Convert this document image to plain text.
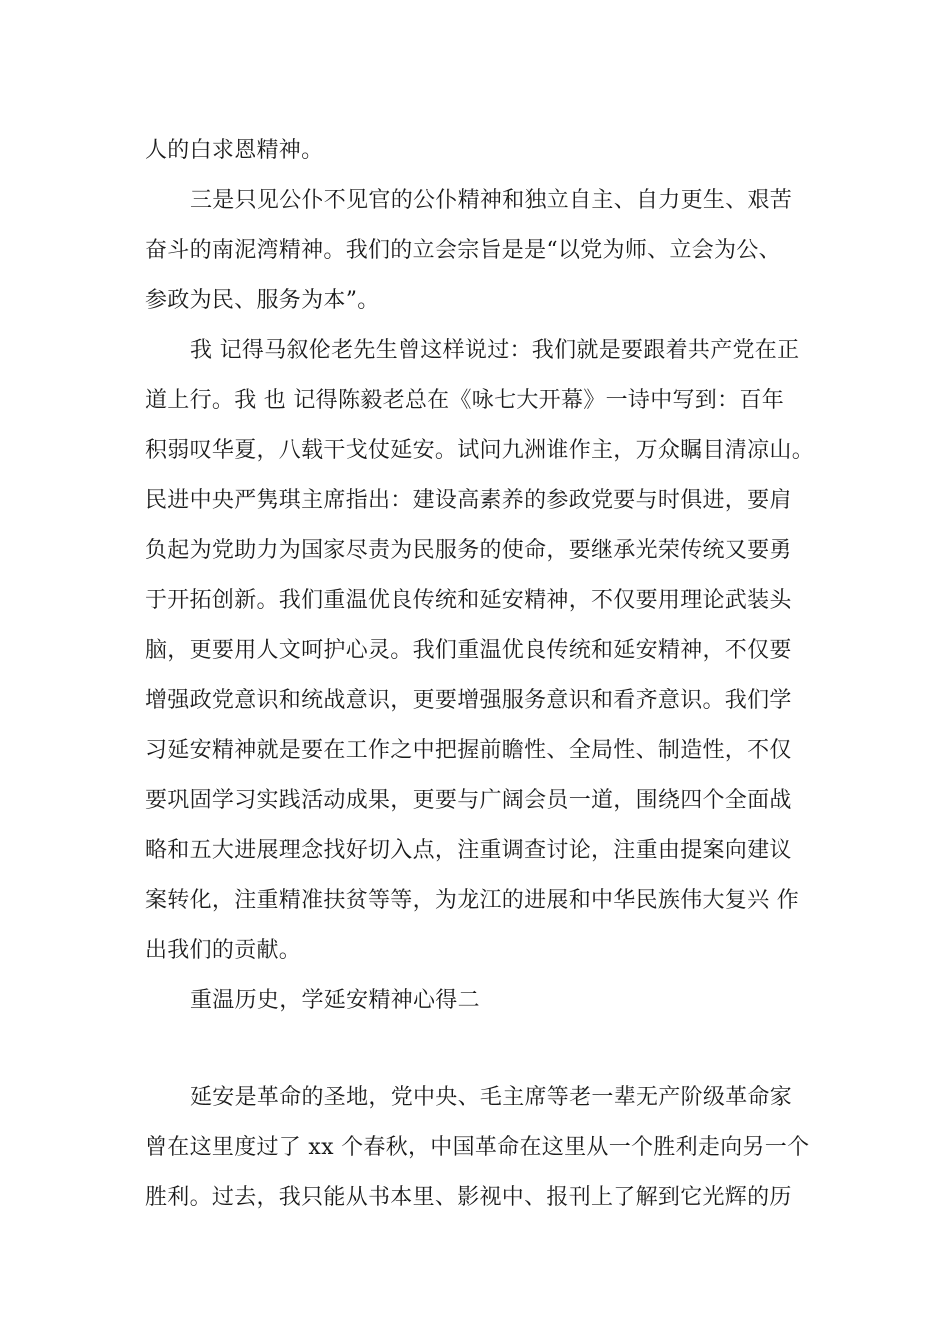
人的白求恩精神。
三是只见公仆不见官的公仆精神和独立自主、自力更生、艰苦
奋斗的南泥湾精神。我们的立会宗旨是是“以党为师、立会为公、
参政为民、服务为本”。
我 记得马叙伦老先生曾这样说过：我们就是要跟着共产党在正
道上行。我 也 记得陈毅老总在《咏七大开幕》一诗中写到：百年
积弱叹华夏，八载干戈仗延安。试问九洲谁作主，万众瞩目清凉山。
民进中央严隽琪主席指出：建设高素养的参政党要与时俱进，要肩
负起为党助力为国家尽责为民服务的使命，要继承光荣传统又要勇
于开拓创新。我们重温优良传统和延安精神，不仅要用理论武装头
脑，更要用人文呵护心灵。我们重温优良传统和延安精神，不仅要
增强政党意识和统战意识，更要增强服务意识和看齐意识。我们学
习延安精神就是要在工作之中把握前瞻性、全局性、制造性，不仅
要巩固学习实践活动成果，更要与广阔会员一道，围绕四个全面战
略和五大进展理念找好切入点，注重调查讨论，注重由提案向建议
案转化，注重精准扶贫等等，为龙江的进展和中华民族伟大复兴 作
出我们的贡献。
重温历史，学延安精神心得二
延安是革命的圣地，党中央、毛主席等老一辈无产阶级革命家
曾在这里度过了 xx 个春秋，中国革命在这里从一个胜利走向另一个
胜利。过去，我只能从书本里、影视中、报刊上了解到它光辉的历
